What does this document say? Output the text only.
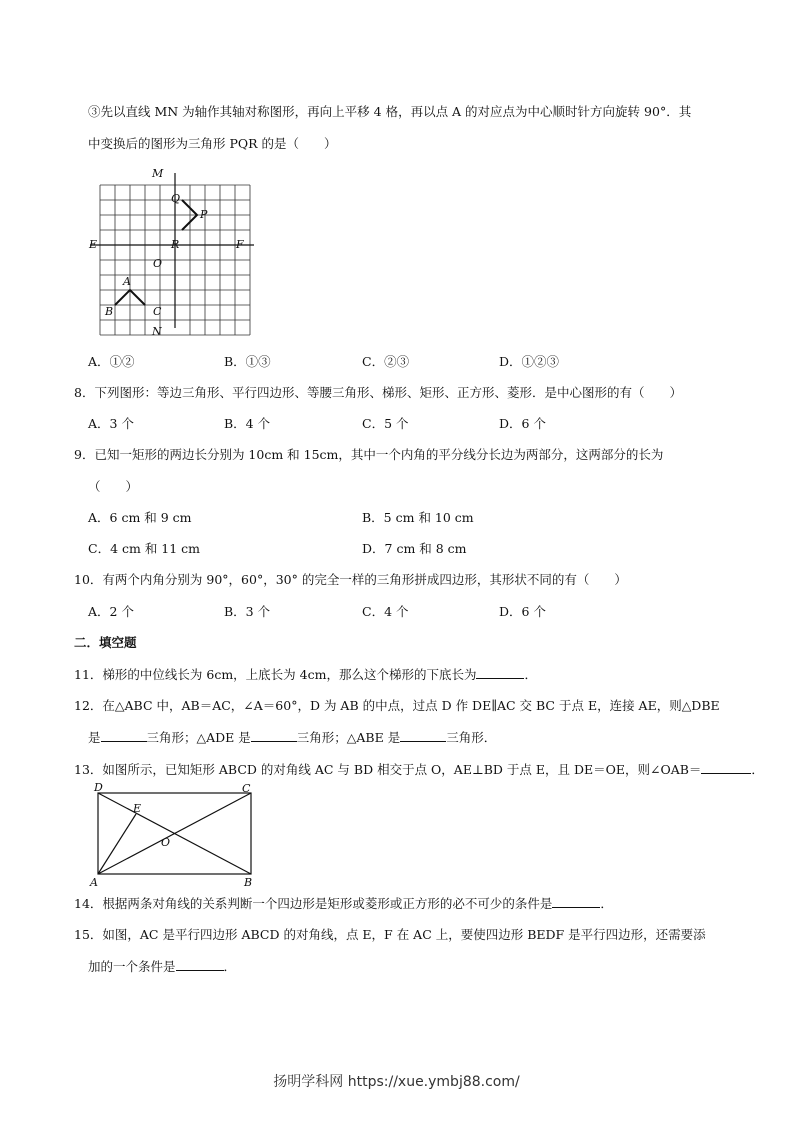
③先以直线 MN 为轴作其轴对称图形，再向上平移 4 格，再以点 A 的对应点为中心顺时针方向旋转 90°．其
中变换后的图形为三角形 PQR 的是（　　）
M
N
E	F
O
Q
P
R
A
B	C
A．①②	B．①③	C．②③	D．①②③
8．下列图形：等边三角形、平行四边形、等腰三角形、梯形、矩形、正方形、菱形．是中心图形的有（　　）
A．3 个	B．4 个	C．5 个	D．6 个
9．已知一矩形的两边长分别为 10cm 和 15cm，其中一个内角的平分线分长边为两部分，这两部分的长为
（　　）
A．6 cm 和 9 cm	B．5 cm 和 10 cm
C．4 cm 和 11 cm	D．7 cm 和 8 cm
10．有两个内角分别为 90°，60°，30° 的完全一样的三角形拼成四边形，其形状不同的有（　　）
A．2 个	B．3 个	C．4 个	D．6 个
二．填空题
11．梯形的中位线长为 6cm，上底长为 4cm，那么这个梯形的下底长为	．
12．在△ABC 中，AB＝AC，∠A＝60°，D 为 AB 的中点，过点 D 作 DE∥AC 交 BC 于点 E，连接 AE，则△DBE
是	三角形；△ADE 是	三角形；△ABE 是	三角形．
13．如图所示，已知矩形 ABCD 的对角线 AC 与 BD 相交于点 O，AE⊥BD 于点 E，且 DE＝OE，则∠OAB＝	．
D	C
A	B
E
O
14．根据两条对角线的关系判断一个四边形是矩形或菱形或正方形的必不可少的条件是	．
15．如图，AC 是平行四边形 ABCD 的对角线，点 E，F 在 AC 上，要使四边形 BEDF 是平行四边形，还需要添
加的一个条件是	．
扬明学科网 https://xue.ymbj88.com/
